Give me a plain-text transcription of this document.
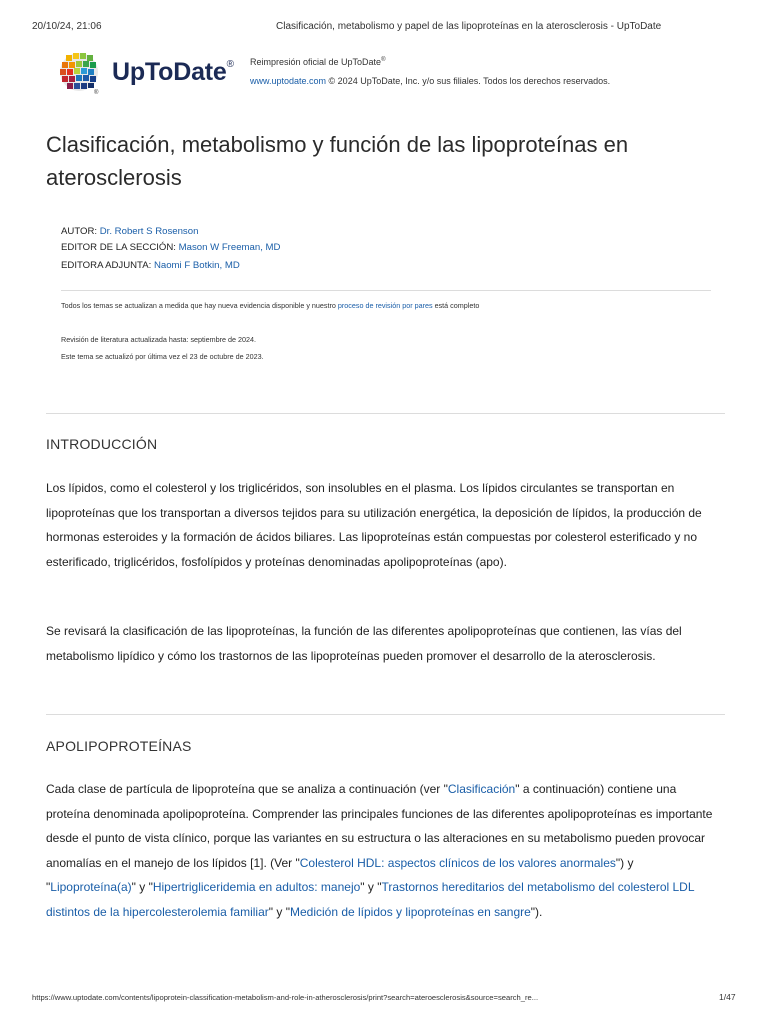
20/10/24, 21:06	Clasificación, metabolismo y papel de las lipoproteínas en la aterosclerosis - UpToDate
®
UpToDate® Reimpresión oficial de UpToDate®
www.uptodate.com © 2024 UpToDate, Inc. y/o sus filiales. Todos los derechos reservados.
Clasificación, metabolismo y función de las lipoproteínas en aterosclerosis
AUTOR: Dr. Robert S Rosenson
EDITOR DE LA SECCIÓN: Mason W Freeman, MD
EDITORA ADJUNTA: Naomi F Botkin, MD
Todos los temas se actualizan a medida que hay nueva evidencia disponible y nuestro proceso de revisión por pares está completo
Revisión de literatura actualizada hasta: septiembre de 2024.
Este tema se actualizó por última vez el 23 de octubre de 2023.
INTRODUCCIÓN
Los lípidos, como el colesterol y los triglicéridos, son insolubles en el plasma. Los lípidos circulantes se transportan en lipoproteínas que los transportan a diversos tejidos para su utilización energética, la deposición de lípidos, la producción de hormonas esteroides y la formación de ácidos biliares. Las lipoproteínas están compuestas por colesterol esterificado y no esterificado, triglicéridos, fosfolípidos y proteínas denominadas apolipoproteínas (apo).
Se revisará la clasificación de las lipoproteínas, la función de las diferentes apolipoproteínas que contienen, las vías del metabolismo lipídico y cómo los trastornos de las lipoproteínas pueden promover el desarrollo de la aterosclerosis.
APOLIPOPROTEÍNAS
Cada clase de partícula de lipoproteína que se analiza a continuación (ver "Clasificación" a continuación) contiene una proteína denominada apolipoproteína. Comprender las principales funciones de las diferentes apolipoproteínas es importante desde el punto de vista clínico, porque las variantes en su estructura o las alteraciones en su metabolismo pueden provocar anomalías en el manejo de los lípidos [1]. (Ver "Colesterol HDL: aspectos clínicos de los valores anormales") y "Lipoproteína(a)" y "Hipertrigliceridemia en adultos: manejo" y "Trastornos hereditarios del metabolismo del colesterol LDL distintos de la hipercolesterolemia familiar" y "Medición de lípidos y lipoproteínas en sangre").
https://www.uptodate.com/contents/lipoprotein-classification-metabolism-and-role-in-atherosclerosis/print?search=ateroesclerosis&source=search_re...	1/47
